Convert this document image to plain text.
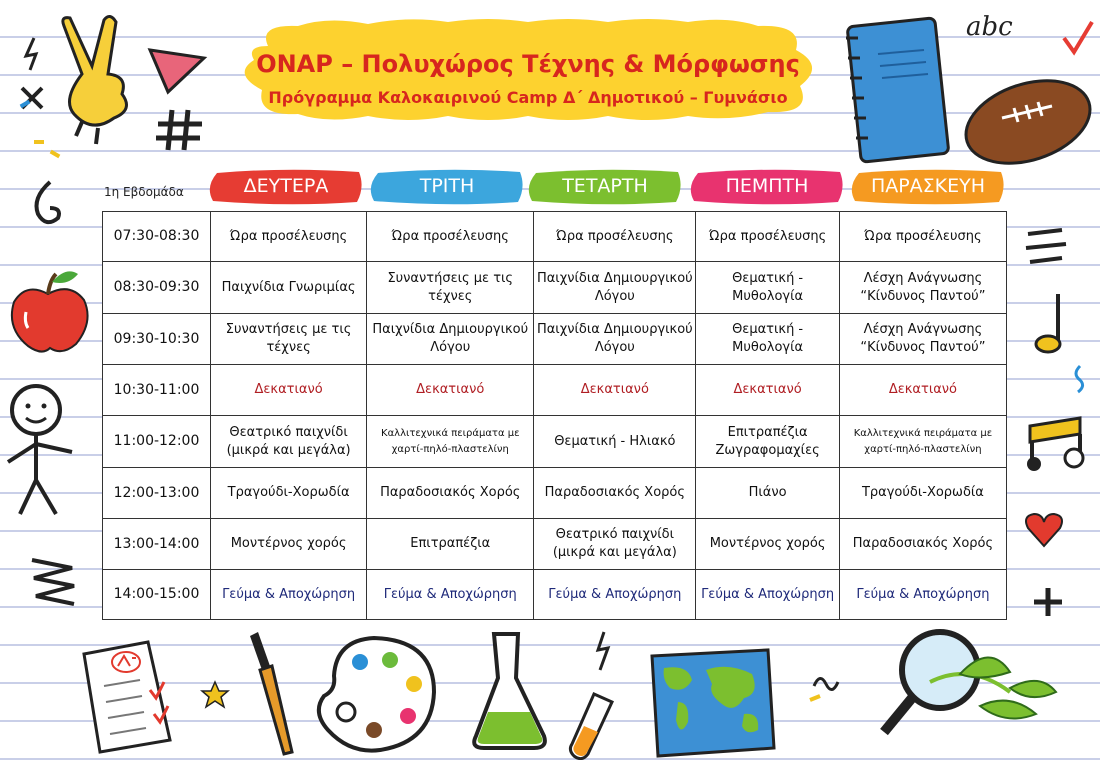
ΟΝΑΡ – Πολυχώρος Τέχνης & Μόρφωσης
Πρόγραμμα Καλοκαιρινού Camp Δ΄ Δημοτικού – Γυμνάσιο
1η Εβδομάδα	ΔΕΥΤΕΡΑ	ΤΡΙΤΗ	ΤΕΤΑΡΤΗ	ΠΕΜΠΤΗ	ΠΑΡΑΣΚΕΥΗ
07:30-08:30	Ώρα προσέλευσης	Ώρα προσέλευσης	Ώρα προσέλευσης	Ώρα προσέλευσης	Ώρα προσέλευσης
08:30-09:30	Παιχνίδια Γνωριμίας	Συναντήσεις με τις τέχνες	Παιχνίδια Δημιουργικού Λόγου	Θεματική - Μυθολογία	Λέσχη Ανάγνωσης “Κίνδυνος Παντού”
09:30-10:30	Συναντήσεις με τις τέχνες	Παιχνίδια Δημιουργικού Λόγου	Παιχνίδια Δημιουργικού Λόγου	Θεματική - Μυθολογία	Λέσχη Ανάγνωσης “Κίνδυνος Παντού”
10:30-11:00	Δεκατιανό	Δεκατιανό	Δεκατιανό	Δεκατιανό	Δεκατιανό
11:00-12:00	Θεατρικό παιχνίδι (μικρά και μεγάλα)	Καλλιτεχνικά πειράματα με χαρτί-πηλό-πλαστελίνη	Θεματική - Ηλιακό	Επιτραπέζια Ζωγραφομαχίες	Καλλιτεχνικά πειράματα με χαρτί-πηλό-πλαστελίνη
12:00-13:00	Τραγούδι-Χορωδία	Παραδοσιακός Χορός	Παραδοσιακός Χορός	Πιάνο	Τραγούδι-Χορωδία
13:00-14:00	Μοντέρνος χορός	Επιτραπέζια	Θεατρικό παιχνίδι (μικρά και μεγάλα)	Μοντέρνος χορός	Παραδοσιακός Χορός
14:00-15:00	Γεύμα & Αποχώρηση	Γεύμα & Αποχώρηση	Γεύμα & Αποχώρηση	Γεύμα & Αποχώρηση	Γεύμα & Αποχώρηση
abc
